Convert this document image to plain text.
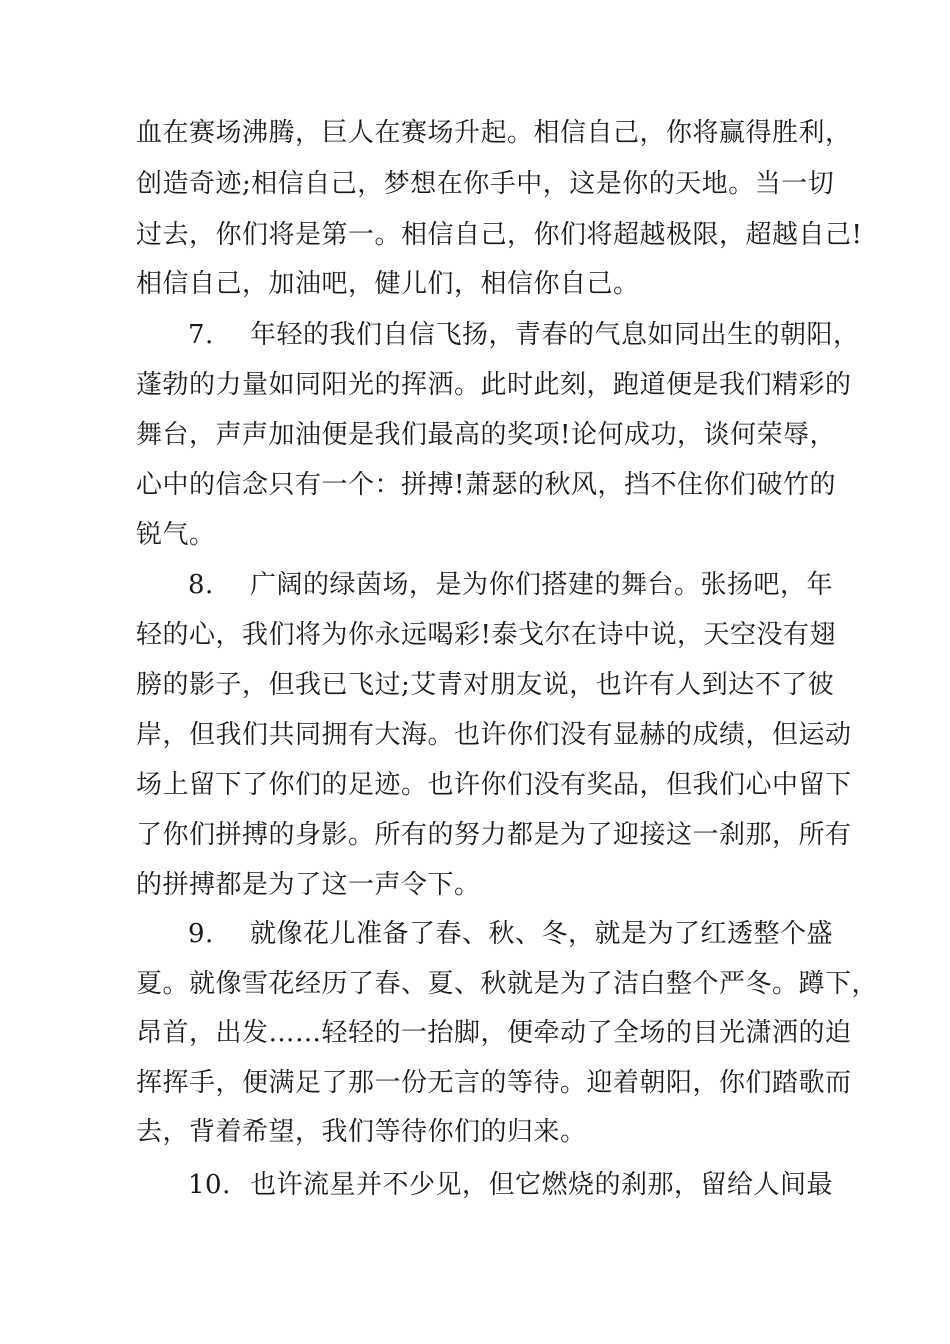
血在赛场沸腾，巨人在赛场升起。相信自己，你将赢得胜利，
创造奇迹;相信自己，梦想在你手中，这是你的天地。当一切
过去，你们将是第一。相信自己，你们将超越极限，超越自己!
相信自己，加油吧，健儿们，相信你自己。
7. 年轻的我们自信飞扬，青春的气息如同出生的朝阳，
蓬勃的力量如同阳光的挥洒。此时此刻，跑道便是我们精彩的
舞台，声声加油便是我们最高的奖项!论何成功，谈何荣辱，
心中的信念只有一个：拼搏!萧瑟的秋风，挡不住你们破竹的
锐气。
8. 广阔的绿茵场，是为你们搭建的舞台。张扬吧，年
轻的心，我们将为你永远喝彩!泰戈尔在诗中说，天空没有翅
膀的影子，但我已飞过;艾青对朋友说，也许有人到达不了彼
岸，但我们共同拥有大海。也许你们没有显赫的成绩，但运动
场上留下了你们的足迹。也许你们没有奖品，但我们心中留下
了你们拼搏的身影。所有的努力都是为了迎接这一刹那，所有
的拼搏都是为了这一声令下。
9. 就像花儿准备了春、秋、冬，就是为了红透整个盛
夏。就像雪花经历了春、夏、秋就是为了洁白整个严冬。蹲下，
昂首，出发……轻轻的一抬脚，便牵动了全场的目光潇洒的迫
挥挥手，便满足了那一份无言的等待。迎着朝阳，你们踏歌而
去，背着希望，我们等待你们的归来。
10. 也许流星并不少见，但它燃烧的刹那，留给人间最
